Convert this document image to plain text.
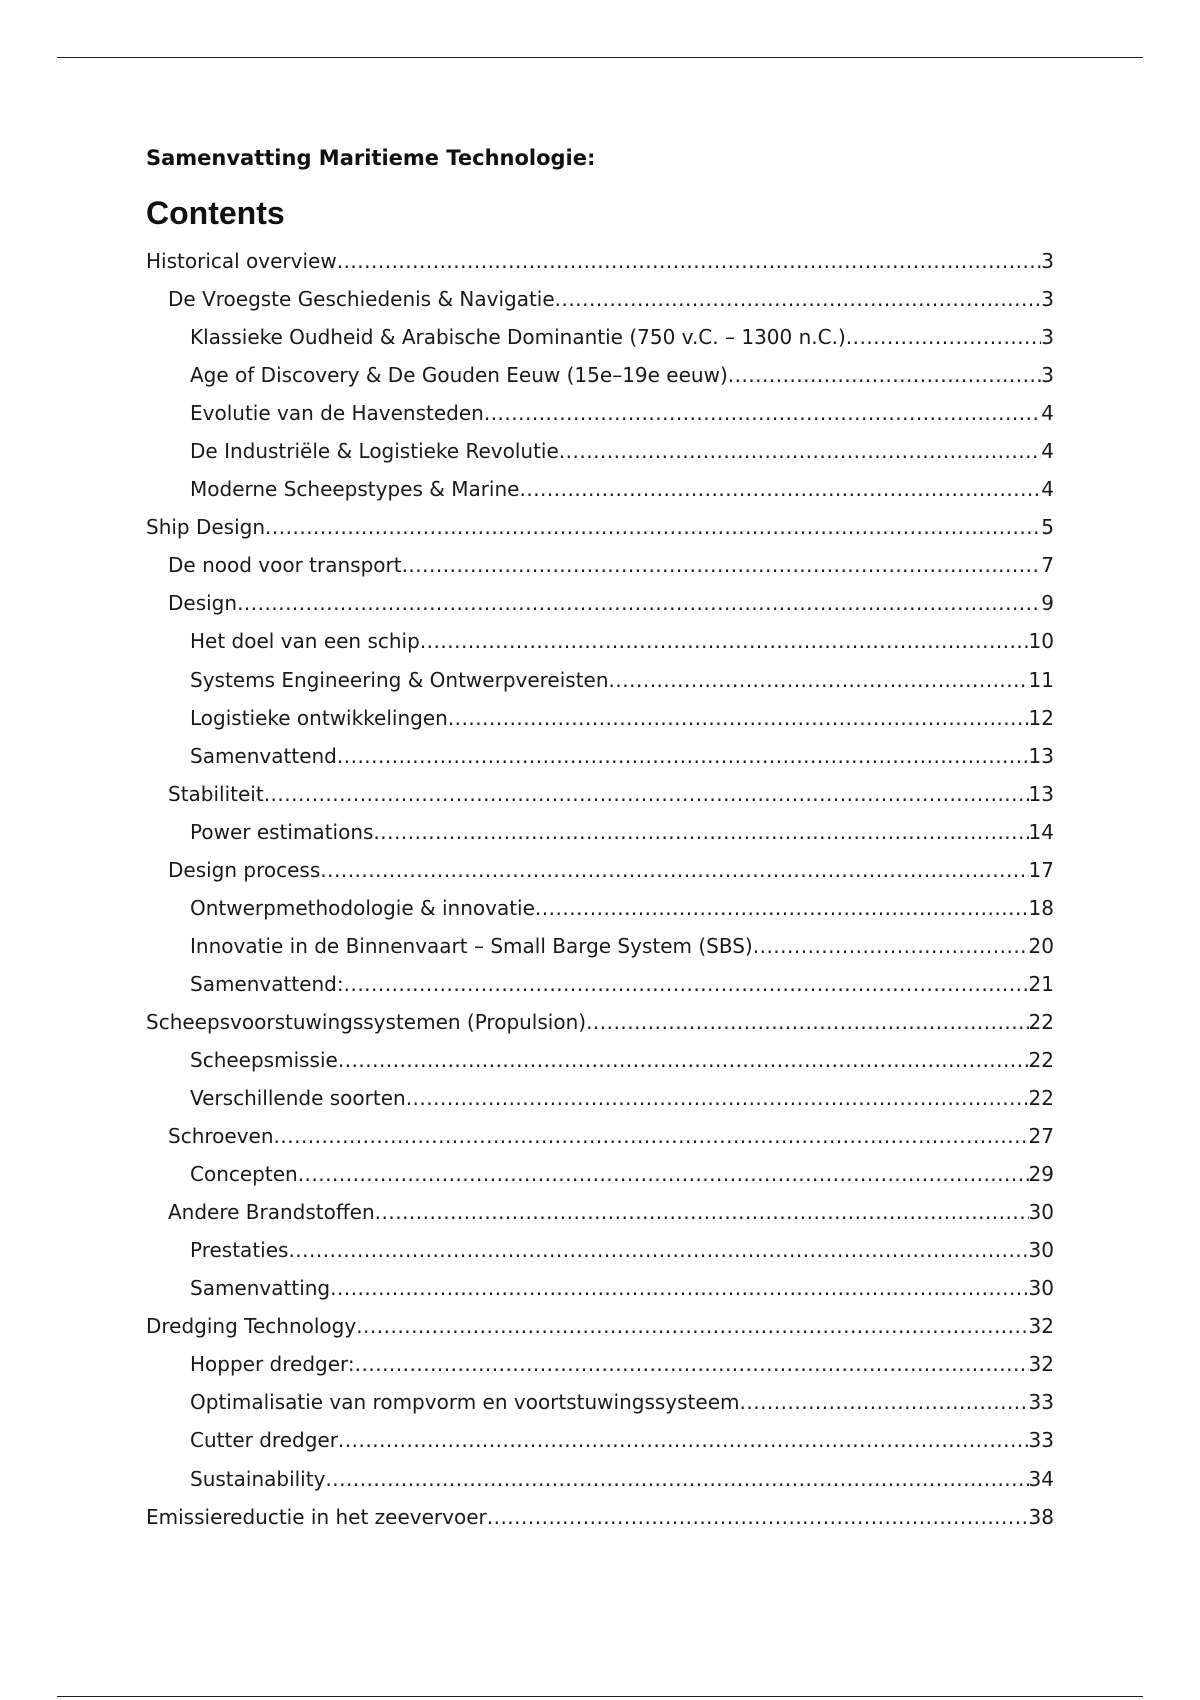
Samenvatting Maritieme Technologie:
Contents
Historical overview .....	3
De Vroegste Geschiedenis & Navigatie .....	3
Klassieke Oudheid & Arabische Dominantie (750 v.C. – 1300 n.C.) .....	3
Age of Discovery & De Gouden Eeuw (15e–19e eeuw) .....	3
Evolutie van de Havensteden .....	4
De Industriële & Logistieke Revolutie .....	4
Moderne Scheepstypes & Marine .....	4
Ship Design .....	5
De nood voor transport .....	7
Design .....	9
Het doel van een schip .....	10
Systems Engineering & Ontwerpvereisten .....	11
Logistieke ontwikkelingen .....	12
Samenvattend .....	13
Stabiliteit .....	13
Power estimations .....	14
Design process .....	17
Ontwerpmethodologie & innovatie .....	18
Innovatie in de Binnenvaart – Small Barge System (SBS) .....	20
Samenvattend: .....	21
Scheepsvoorstuwingssystemen (Propulsion) .....	22
Scheepsmissie .....	22
Verschillende soorten .....	22
Schroeven .....	27
Concepten .....	29
Andere Brandstoffen .....	30
Prestaties .....	30
Samenvatting .....	30
Dredging Technology .....	32
Hopper dredger: .....	32
Optimalisatie van rompvorm en voortstuwingssysteem .....	33
Cutter dredger .....	33
Sustainability .....	34
Emissiereductie in het zeevervoer .....	38
